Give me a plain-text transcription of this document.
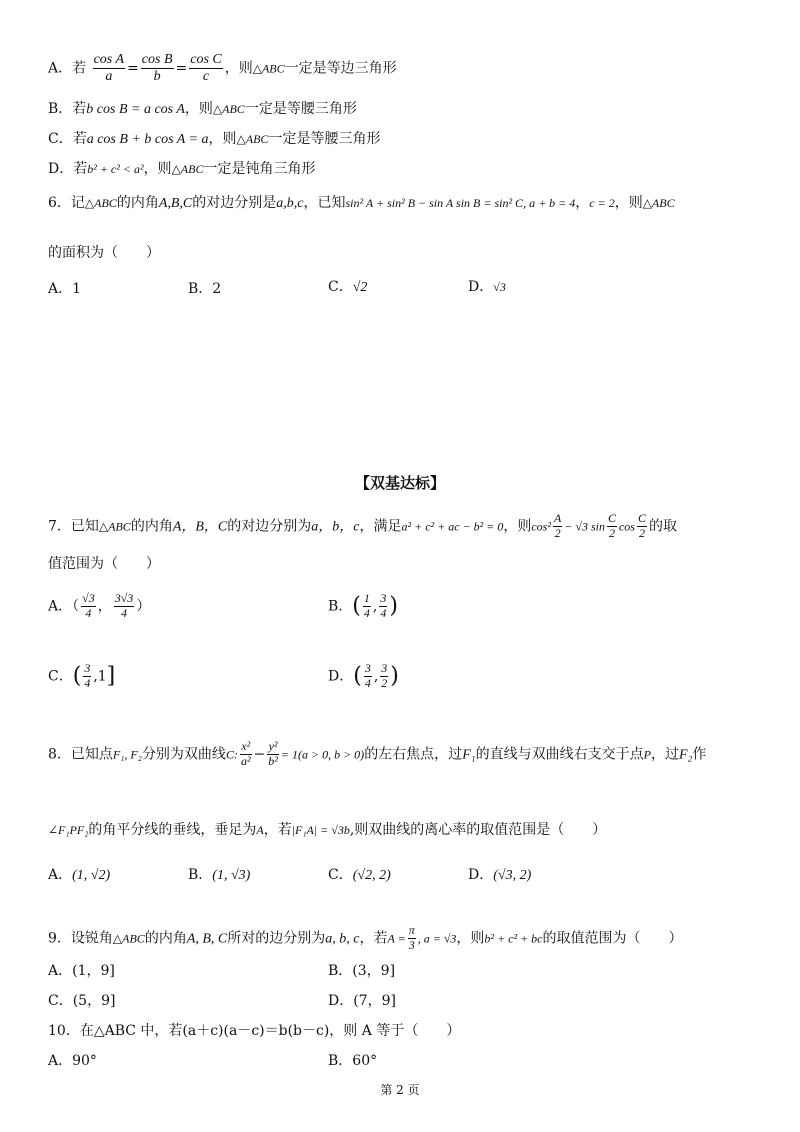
A．若 $\frac{\text{cos A}}{a} = \frac{\text{cos B}}{b} = \frac{\text{cos C}}{c}$ ，则△ABC一定是等边三角形
B．若b cos B = a cos A，则△ABC一定是等腰三角形
C．若a cos B + b cos A = a，则△ABC一定是等腰三角形
D．若b² + c² < a²，则△ABC一定是钝角三角形
6．记△ABC的内角A,B,C的对边分别是a,b,c，已知sin² A + sin² B − sin A sin B = sin² C, a + b = 4，c = 2，则△ABC
的面积为（　　）
A．1	B．2	C．√2	D．√3
【双基达标】
7．已知△ABC的内角A，B，C的对边分别为a，b，c，满足a² + c² + ac − b² = 0，则$\cos^2 \frac{A}{2} - √3$ $\sin \frac{C}{2}$ $\cos \frac{C}{2}$ 的取
值范围为（　　）
A．（ $\frac{√3}{4}$ ， $\frac{3√3}{4}$ ）	B．( $\frac{1}{4}$ , $\frac{3}{4}$ )
C．( $\frac{3}{4} ,1$]	D．( $\frac{3}{4}$ , $\frac{3}{2}$ )
8．已知点F₁, F₂分别为双曲线C: $\frac{\text{x²}}{\text{a²}} - \frac{\text{y²}}{\text{b²}} = 1(a > 0$, b > 0)的左右焦点，过F₁的直线与双曲线右支交于点P，过F₂作
∠F₁PF₂的角平分线的垂线，垂足为A，若|F₁A| = √3b,则双曲线的离心率的取值范围是（　　）
A．(1, √2)	B．(1, √3)	C．(√2, 2)	D．(√3, 2)
9．设锐角△ABC的内角A, B, C所对的边分别为a, b, c，若$A = \frac{\pi}{3}$ , a = √3，则b² + c² + bc的取值范围为（　　）
A．(1，9]	B．(3，9]
C．(5，9]	D．(7，9]
10．在△ABC 中，若(a＋c)(a－c)＝b(b－c)，则 A 等于（　　）
A．90°	B．60°
第 2 页
